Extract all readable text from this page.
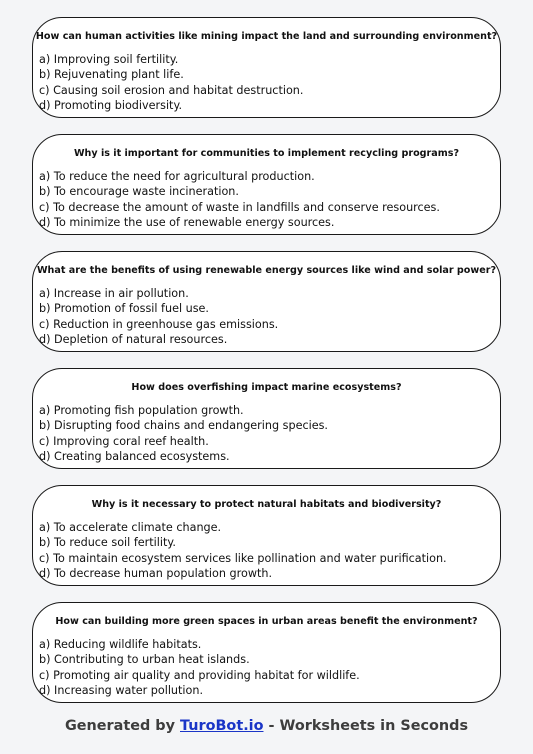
How can human activities like mining impact the land and surrounding environment?
a) Improving soil fertility.
b) Rejuvenating plant life.
c) Causing soil erosion and habitat destruction.
d) Promoting biodiversity.
Why is it important for communities to implement recycling programs?
a) To reduce the need for agricultural production.
b) To encourage waste incineration.
c) To decrease the amount of waste in landfills and conserve resources.
d) To minimize the use of renewable energy sources.
What are the benefits of using renewable energy sources like wind and solar power?
a) Increase in air pollution.
b) Promotion of fossil fuel use.
c) Reduction in greenhouse gas emissions.
d) Depletion of natural resources.
How does overfishing impact marine ecosystems?
a) Promoting fish population growth.
b) Disrupting food chains and endangering species.
c) Improving coral reef health.
d) Creating balanced ecosystems.
Why is it necessary to protect natural habitats and biodiversity?
a) To accelerate climate change.
b) To reduce soil fertility.
c) To maintain ecosystem services like pollination and water purification.
d) To decrease human population growth.
How can building more green spaces in urban areas benefit the environment?
a) Reducing wildlife habitats.
b) Contributing to urban heat islands.
c) Promoting air quality and providing habitat for wildlife.
d) Increasing water pollution.
Generated by TuroBot.io - Worksheets in Seconds
